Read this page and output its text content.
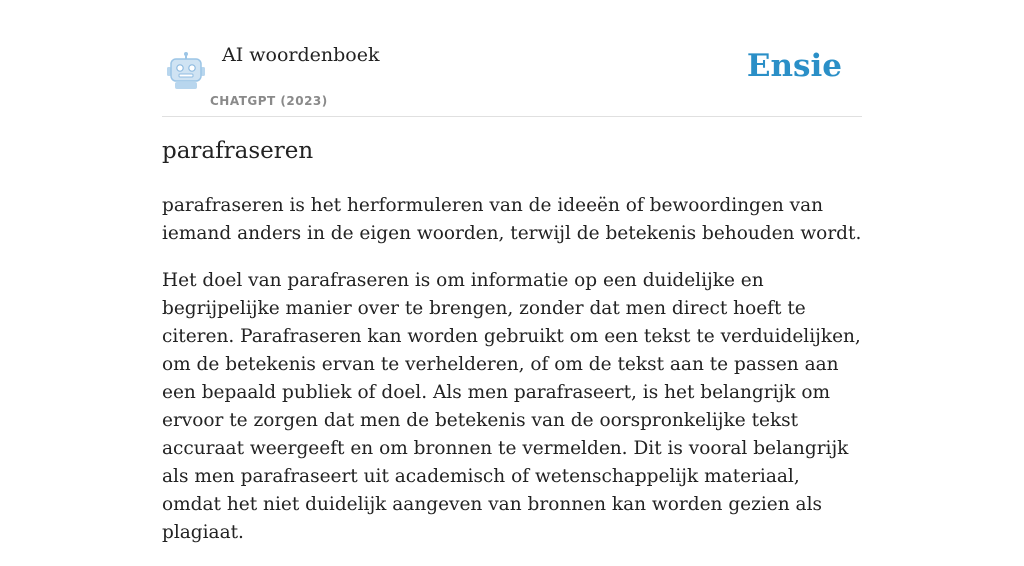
AI woordenboek
CHATGPT (2023)
Ensie
parafraseren

parafraseren is het herformuleren van de ideeën of bewoordingen van iemand anders in de eigen woorden, terwijl de betekenis behouden wordt.

Het doel van parafraseren is om informatie op een duidelijke en begrijpelijke manier over te brengen, zonder dat men direct hoeft te citeren. Parafraseren kan worden gebruikt om een tekst te verduidelijken, om de betekenis ervan te verhelderen, of om de tekst aan te passen aan een bepaald publiek of doel. Als men parafraseert, is het belangrijk om ervoor te zorgen dat men de betekenis van de oorspronkelijke tekst accuraat weergeeft en om bronnen te vermelden. Dit is vooral belangrijk als men parafraseert uit academisch of wetenschappelijk materiaal, omdat het niet duidelijk aangeven van bronnen kan worden gezien als plagiaat.
